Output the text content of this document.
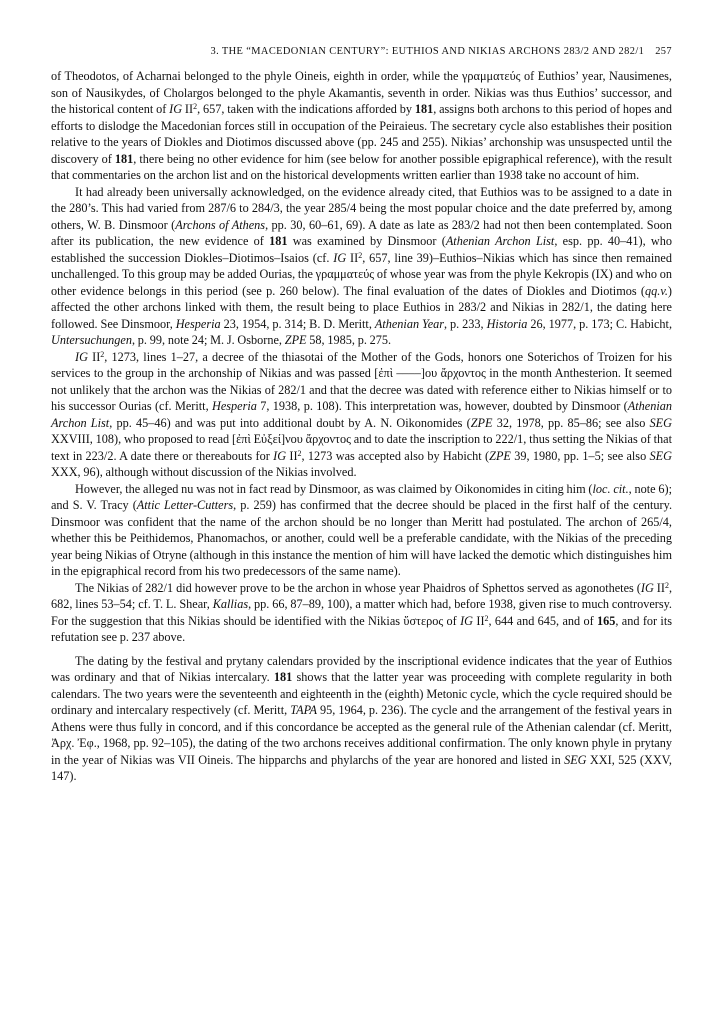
3. THE “MACEDONIAN CENTURY”: EUTHIOS AND NIKIAS ARCHONS 283/2 AND 282/1 257

of Theodotos, of Acharnai belonged to the phyle Oineis, eighth in order, while the γραμματεύς of Euthios’ year, Nausimenes, son of Nausikydes, of Cholargos belonged to the phyle Akamantis, seventh in order. Nikias was thus Euthios’ successor, and the historical content of IG $II^2$, 657, taken with the indications afforded by 181, assigns both archons to this period of hopes and efforts to dislodge the Macedonian forces still in occupation of the Peiraieus. The secretary cycle also establishes their position relative to the years of Diokles and Diotimos discussed above (pp. 245 and 255). Nikias’ archonship was unsuspected until the discovery of 181, there being no other evidence for him (see below for another possible epigraphical reference), with the result that commentaries on the archon list and on the historical developments written earlier than 1938 take no account of him.

It had already been universally acknowledged, on the evidence already cited, that Euthios was to be assigned to a date in the 280’s. This had varied from 287/6 to 284/3, the year 285/4 being the most popular choice and the date preferred by, among others, W. B. Dinsmoor (Archons of Athens, pp. 30, 60–61, 69). A date as late as 283/2 had not then been contemplated. Soon after its publication, the new evidence of 181 was examined by Dinsmoor (Athenian Archon List, esp. pp. 40–41), who established the succession Diokles–Diotimos–Isaios (cf. IG $II^2$, 657, line 39)–Euthios–Nikias which has since then remained unchallenged. To this group may be added Ourias, the γραμματεύς of whose year was from the phyle Kekropis (IX) and who on other evidence belongs in this period (see p. 260 below). The final evaluation of the dates of Diokles and Diotimos (qq.v.) affected the other archons linked with them, the result being to place Euthios in 283/2 and Nikias in 282/1, the dating here followed. See Dinsmoor, Hesperia 23, 1954, p. 314; B. D. Meritt, Athenian Year, p. 233, Historia 26, 1977, p. 173; C. Habicht, Untersuchungen, p. 99, note 24; M. J. Osborne, ZPE 58, 1985, p. 275.

IG $II^2$, 1273, lines 1–27, a decree of the thiasotai of the Mother of the Gods, honors one Soterichos of Troizen for his services to the group in the archonship of Nikias and was passed [ἐπὶ ––––]ου ἄρχοντος in the month Anthesterion. It seemed not unlikely that the archon was the Nikias of 282/1 and that the decree was dated with reference either to Nikias himself or to his successor Ourias (cf. Meritt, Hesperia 7, 1938, p. 108). This interpretation was, however, doubted by Dinsmoor (Athenian Archon List, pp. 45–46) and was put into additional doubt by A. N. Oikonomides (ZPE 32, 1978, pp. 85–86; see also SEG XXVIII, 108), who proposed to read [ἐπὶ Εὐξεί]νου ἄρχοντος and to date the inscription to 222/1, thus setting the Nikias of that text in 223/2. A date there or thereabouts for IG $II^2$, 1273 was accepted also by Habicht (ZPE 39, 1980, pp. 1–5; see also SEG XXX, 96), although without discussion of the Nikias involved.

However, the alleged nu was not in fact read by Dinsmoor, as was claimed by Oikonomides in citing him (loc. cit., note 6); and S. V. Tracy (Attic Letter-Cutters, p. 259) has confirmed that the decree should be placed in the first half of the century. Dinsmoor was confident that the name of the archon should be no longer than Meritt had postulated. The archon of 265/4, whether this be Peithidemos, Phanomachos, or another, could well be a preferable candidate, with the Nikias of the preceding year being Nikias of Otryne (although in this instance the mention of him will have lacked the demotic which distinguishes him in the epigraphical record from his two predecessors of the same name).

The Nikias of 282/1 did however prove to be the archon in whose year Phaidros of Sphettos served as agonothetes (IG $II^2$, 682, lines 53–54; cf. T. L. Shear, Kallias, pp. 66, 87–89, 100), a matter which had, before 1938, given rise to much controversy. For the suggestion that this Nikias should be identified with the Nikias ὕστερος of IG $II^2$, 644 and 645, and of 165, and for its refutation see p. 237 above.

The dating by the festival and prytany calendars provided by the inscriptional evidence indicates that the year of Euthios was ordinary and that of Nikias intercalary. 181 shows that the latter year was proceeding with complete regularity in both calendars. The two years were the seventeenth and eighteenth in the (eighth) Metonic cycle, which the cycle required should be ordinary and intercalary respectively (cf. Meritt, TAPA 95, 1964, p. 236). The cycle and the arrangement of the festival years in Athens were thus fully in concord, and if this concordance be accepted as the general rule of the Athenian calendar (cf. Meritt, Ἀρχ. Ἐφ., 1968, pp. 92–105), the dating of the two archons receives additional confirmation. The only known phyle in prytany in the year of Nikias was VII Oineis. The hipparchs and phylarchs of the year are honored and listed in SEG XXI, 525 (XXV, 147).
